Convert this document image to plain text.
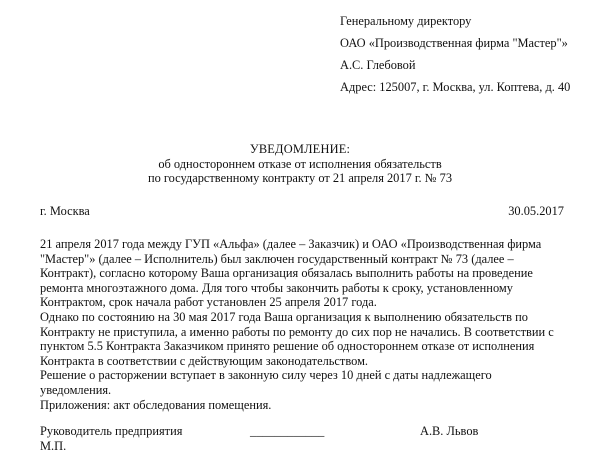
Генеральному директору
ОАО «Производственная фирма "Мастер"»
А.С. Глебовой
Адрес: 125007, г. Москва, ул. Коптева, д. 40
УВЕДОМЛЕНИЕ:
об одностороннем отказе от исполнения обязательств
по государственному контракту от 21 апреля 2017 г. № 73
г. Москва	30.05.2017
21 апреля 2017 года между ГУП «Альфа» (далее – Заказчик) и ОАО «Производственная фирма "Мастер"» (далее – Исполнитель) был заключен государственный контракт № 73 (далее – Контракт), согласно которому Ваша организация обязалась выполнить работы на проведение ремонта многоэтажного дома. Для того чтобы закончить работы к сроку, установленному Контрактом, срок начала работ установлен 25 апреля 2017 года.
Однако по состоянию на 30 мая 2017 года Ваша организация к выполнению обязательств по Контракту не приступила, а именно работы по ремонту до сих пор не начались. В соответствии с пунктом 5.5 Контракта Заказчиком принято решение об одностороннем отказе от исполнения Контракта в соответствии с действующим законодательством.
Решение о расторжении вступает в законную силу через 10 дней с даты надлежащего уведомления.
Приложения: акт обследования помещения.
Руководитель предприятия	____________	А.В. Львов
М.П.
